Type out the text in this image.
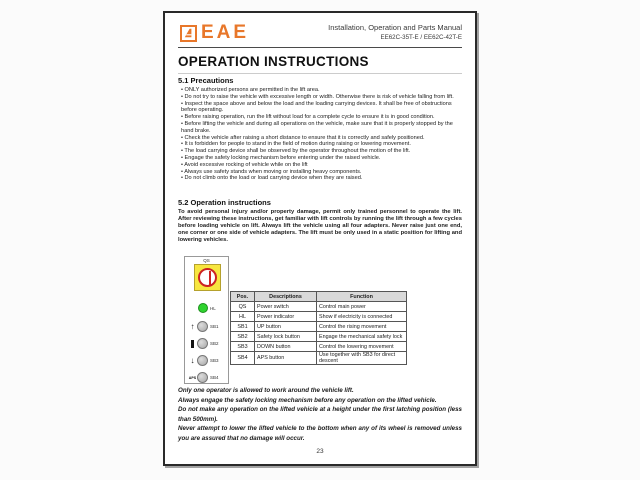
EAE	Installation, Operation and Parts Manual
EE62C-35T-E / EE62C-42T-E
OPERATION INSTRUCTIONS
5.1 Precautions
• ONLY authorized persons are permitted in the lift area.
• Do not try to raise the vehicle with excessive length or width. Otherwise there is risk of vehicle falling from lift.
• Inspect the space above and below the load and the loading carrying devices. It shall be free of obstructions before operating.
• Before raising operation, run the lift without load for a complete cycle to ensure it is in good condition.
• Before lifting the vehicle and during all operations on the vehicle, make sure that it is properly stopped by the hand brake.
• Check the vehicle after raising a short distance to ensure that it is correctly and safely positioned.
• It is forbidden for people to stand in the field of motion during raising or lowering movement.
• The load carrying device shall be observed by the operator throughout the motion of the lift.
• Engage the safety locking mechanism before entering under the raised vehicle.
• Avoid excessive rocking of vehicle while on the lift
• Always use safety stands when moving or installing heavy components.
• Do not climb onto the load or load carrying device when they are raised.
5.2 Operation instructions
To avoid personal injury and/or property damage, permit only trained personnel to operate the lift. After reviewing these instructions, get familiar with lift controls by running the lift through a few cycles before loading vehicle on lift. Always lift the vehicle using all four adapters. Never raise just one end, one corner or one side of vehicle adapters. The lift must be only used in a static position for lifting and lowering vehicles.
QS
HL
↑	SB1
SB2
↓	SB3
APS	SB4
Pos.	Descriptions	Function
QS	Power switch	Control main power
HL	Power indicator	Show if electricity is connected
SB1	UP button	Control the rising movement
SB2	Safety lock button	Engage the mechanical safety lock
SB3	DOWN button	Control the lowering movement
SB4	APS button	Use together with SB3 for direct descent

Only one operator is allowed to work around the vehicle lift.

Always engage the safety locking mechanism before any operation on the lifted vehicle.

Do not make any operation on the lifted vehicle at a height under the first latching position (less than 500mm).

Never attempt to lower the lifted vehicle to the bottom when any of its wheel is removed unless you are assured that no damage will occur.

23
